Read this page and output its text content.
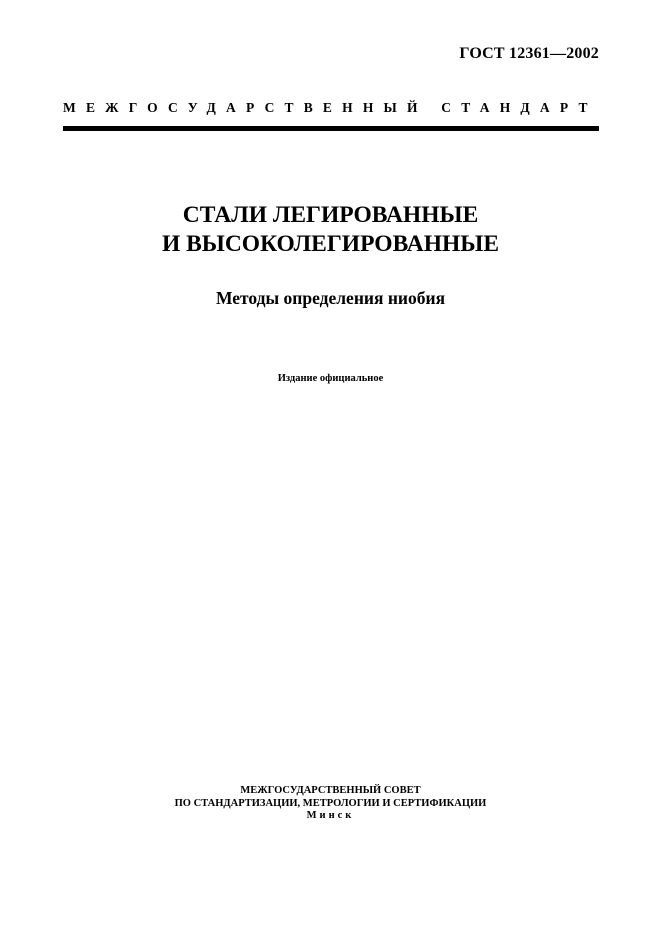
ГОСТ 12361—2002
МЕЖГОСУДАРСТВЕННЫЙ СТАНДАРТ
СТАЛИ ЛЕГИРОВАННЫЕ
И ВЫСОКОЛЕГИРОВАННЫЕ
Методы определения ниобия
Издание официальное
МЕЖГОСУДАРСТВЕННЫЙ СОВЕТ
ПО СТАНДАРТИЗАЦИИ, МЕТРОЛОГИИ И СЕРТИФИКАЦИИ
Минск
